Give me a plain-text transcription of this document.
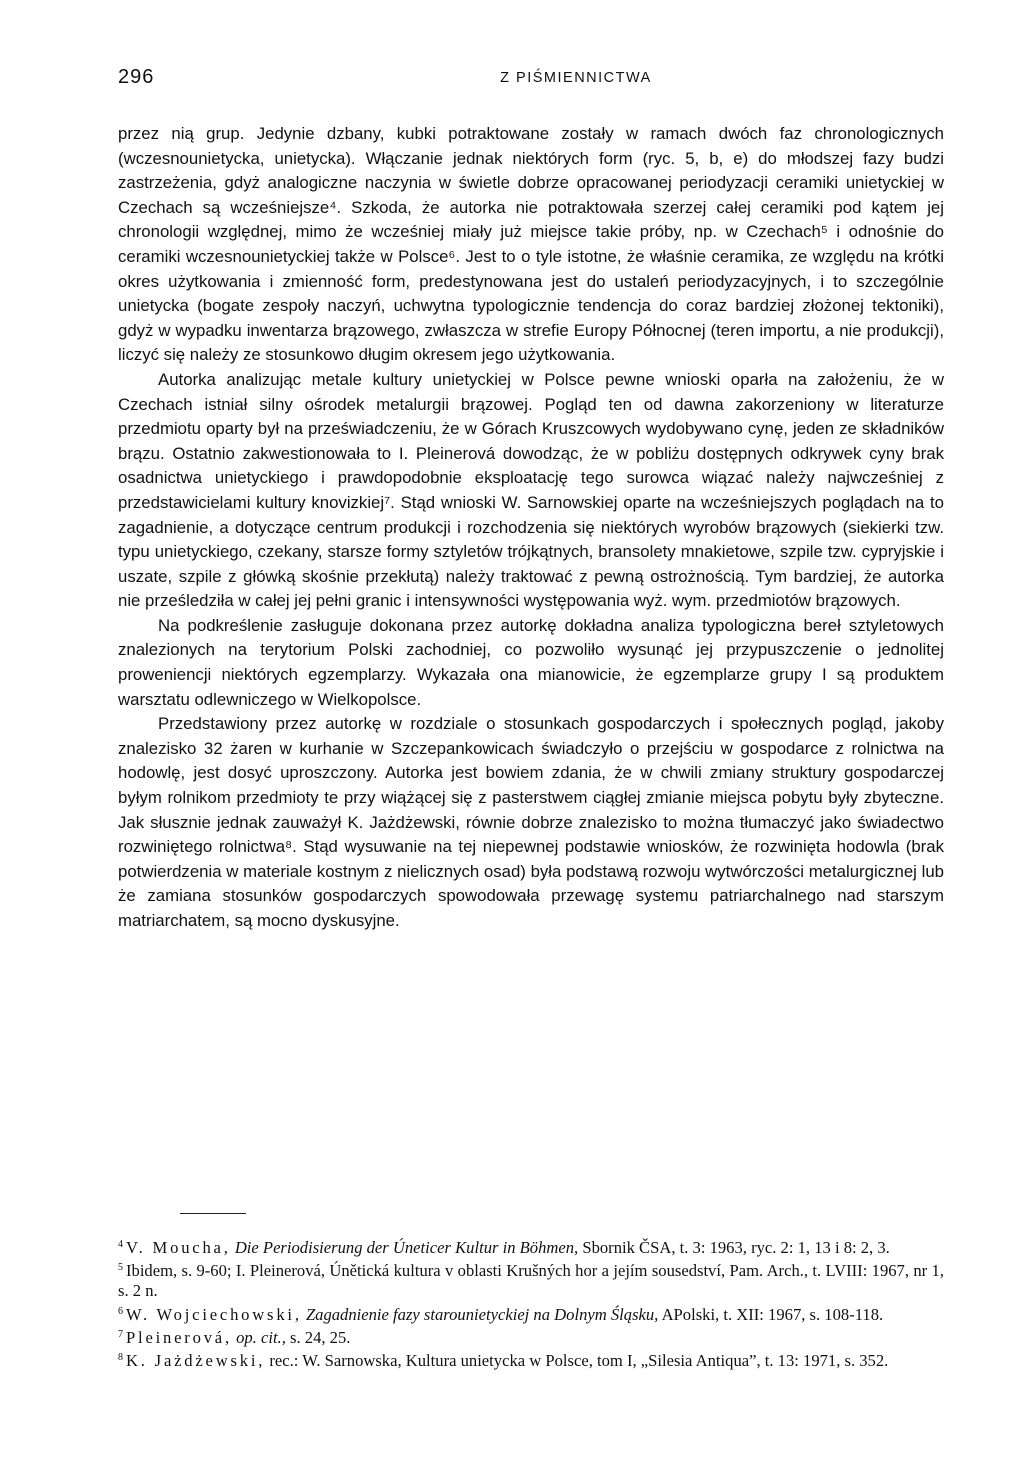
296	Z PIŚMIENNICTWA

przez nią grup. Jedynie dzbany, kubki potraktowane zostały w ramach dwóch faz chronologicznych (wczesnounietycka, unietycka). Włączanie jednak niektórych form (ryc. 5, b, e) do młodszej fazy budzi zastrzeżenia, gdyż analogiczne naczynia w świetle dobrze opracowanej periodyzacji ceramiki unietyckiej w Czechach są wcześniejsze⁴. Szkoda, że autorka nie potraktowała szerzej całej ceramiki pod kątem jej chronologii względnej, mimo że wcześniej miały już miejsce takie próby, np. w Czechach⁵ i odnośnie do ceramiki wczesnounietyckiej także w Polsce⁶. Jest to o tyle istotne, że właśnie ceramika, ze względu na krótki okres użytkowania i zmienność form, predestynowana jest do ustaleń periodyzacyjnych, i to szczególnie unietycka (bogate zespoły naczyń, uchwytna typologicznie tendencja do coraz bardziej złożonej tektoniki), gdyż w wypadku inwentarza brązowego, zwłaszcza w strefie Europy Północnej (teren importu, a nie produkcji), liczyć się należy ze stosunkowo długim okresem jego użytkowania.

Autorka analizując metale kultury unietyckiej w Polsce pewne wnioski oparła na założeniu, że w Czechach istniał silny ośrodek metalurgii brązowej. Pogląd ten od dawna zakorzeniony w literaturze przedmiotu oparty był na przeświadczeniu, że w Górach Kruszcowych wydobywano cynę, jeden ze składników brązu. Ostatnio zakwestionowała to I. Pleinerová dowodząc, że w pobliżu dostępnych odkrywek cyny brak osadnictwa unietyckiego i prawdopodobnie eksploatację tego surowca wiązać należy najwcześniej z przedstawicielami kultury knovizkiej⁷. Stąd wnioski W. Sarnowskiej oparte na wcześniejszych poglądach na to zagadnienie, a dotyczące centrum produkcji i rozchodzenia się niektórych wyrobów brązowych (siekierki tzw. typu unietyckiego, czekany, starsze formy sztyletów trójkątnych, bransolety mnakietowe, szpile tzw. cypryjskie i uszate, szpile z główką skośnie przekłutą) należy traktować z pewną ostrożnością. Tym bardziej, że autorka nie prześledziła w całej jej pełni granic i intensywności występowania wyż. wym. przedmiotów brązowych.

Na podkreślenie zasługuje dokonana przez autorkę dokładna analiza typologiczna bereł sztyletowych znalezionych na terytorium Polski zachodniej, co pozwoliło wysunąć jej przypuszczenie o jednolitej proweniencji niektórych egzemplarzy. Wykazała ona mianowicie, że egzemplarze grupy I są produktem warsztatu odlewniczego w Wielkopolsce.

Przedstawiony przez autorkę w rozdziale o stosunkach gospodarczych i społecznych pogląd, jakoby znalezisko 32 żaren w kurhanie w Szczepankowicach świadczyło o przejściu w gospodarce z rolnictwa na hodowlę, jest dosyć uproszczony. Autorka jest bowiem zdania, że w chwili zmiany struktury gospodarczej byłym rolnikom przedmioty te przy wiążącej się z pasterstwem ciągłej zmianie miejsca pobytu były zbyteczne. Jak słusznie jednak zauważył K. Jażdżewski, równie dobrze znalezisko to można tłumaczyć jako świadectwo rozwiniętego rolnictwa⁸. Stąd wysuwanie na tej niepewnej podstawie wniosków, że rozwinięta hodowla (brak potwierdzenia w materiale kostnym z nielicznych osad) była podstawą rozwoju wytwórczości metalurgicznej lub że zamiana stosunków gospodarczych spowodowała przewagę systemu patriarchalnego nad starszym matriarchatem, są mocno dyskusyjne.

$^4$ V. Moucha, Die Periodisierung der Úneticer Kultur in Böhmen, Sbornik ČSA, t. 3: 1963, ryc. 2: 1, 13 i 8: 2, 3.

$^5$ Ibidem, s. 9-60; I. Pleinerová, Únětická kultura v oblasti Krušných hor a jejím sousedství, Pam. Arch., t. LVIII: 1967, nr 1, s. 2 n.

$^6$ W. Wojciechowski, Zagadnienie fazy starounietyckiej na Dolnym Śląsku, APolski, t. XII: 1967, s. 108-118.

$^7$ Pleinerová, op. cit., s. 24, 25.

$^8$ K. Jażdżewski, rec.: W. Sarnowska, Kultura unietycka w Polsce, tom I, „Silesia Antiqua”, t. 13: 1971, s. 352.
